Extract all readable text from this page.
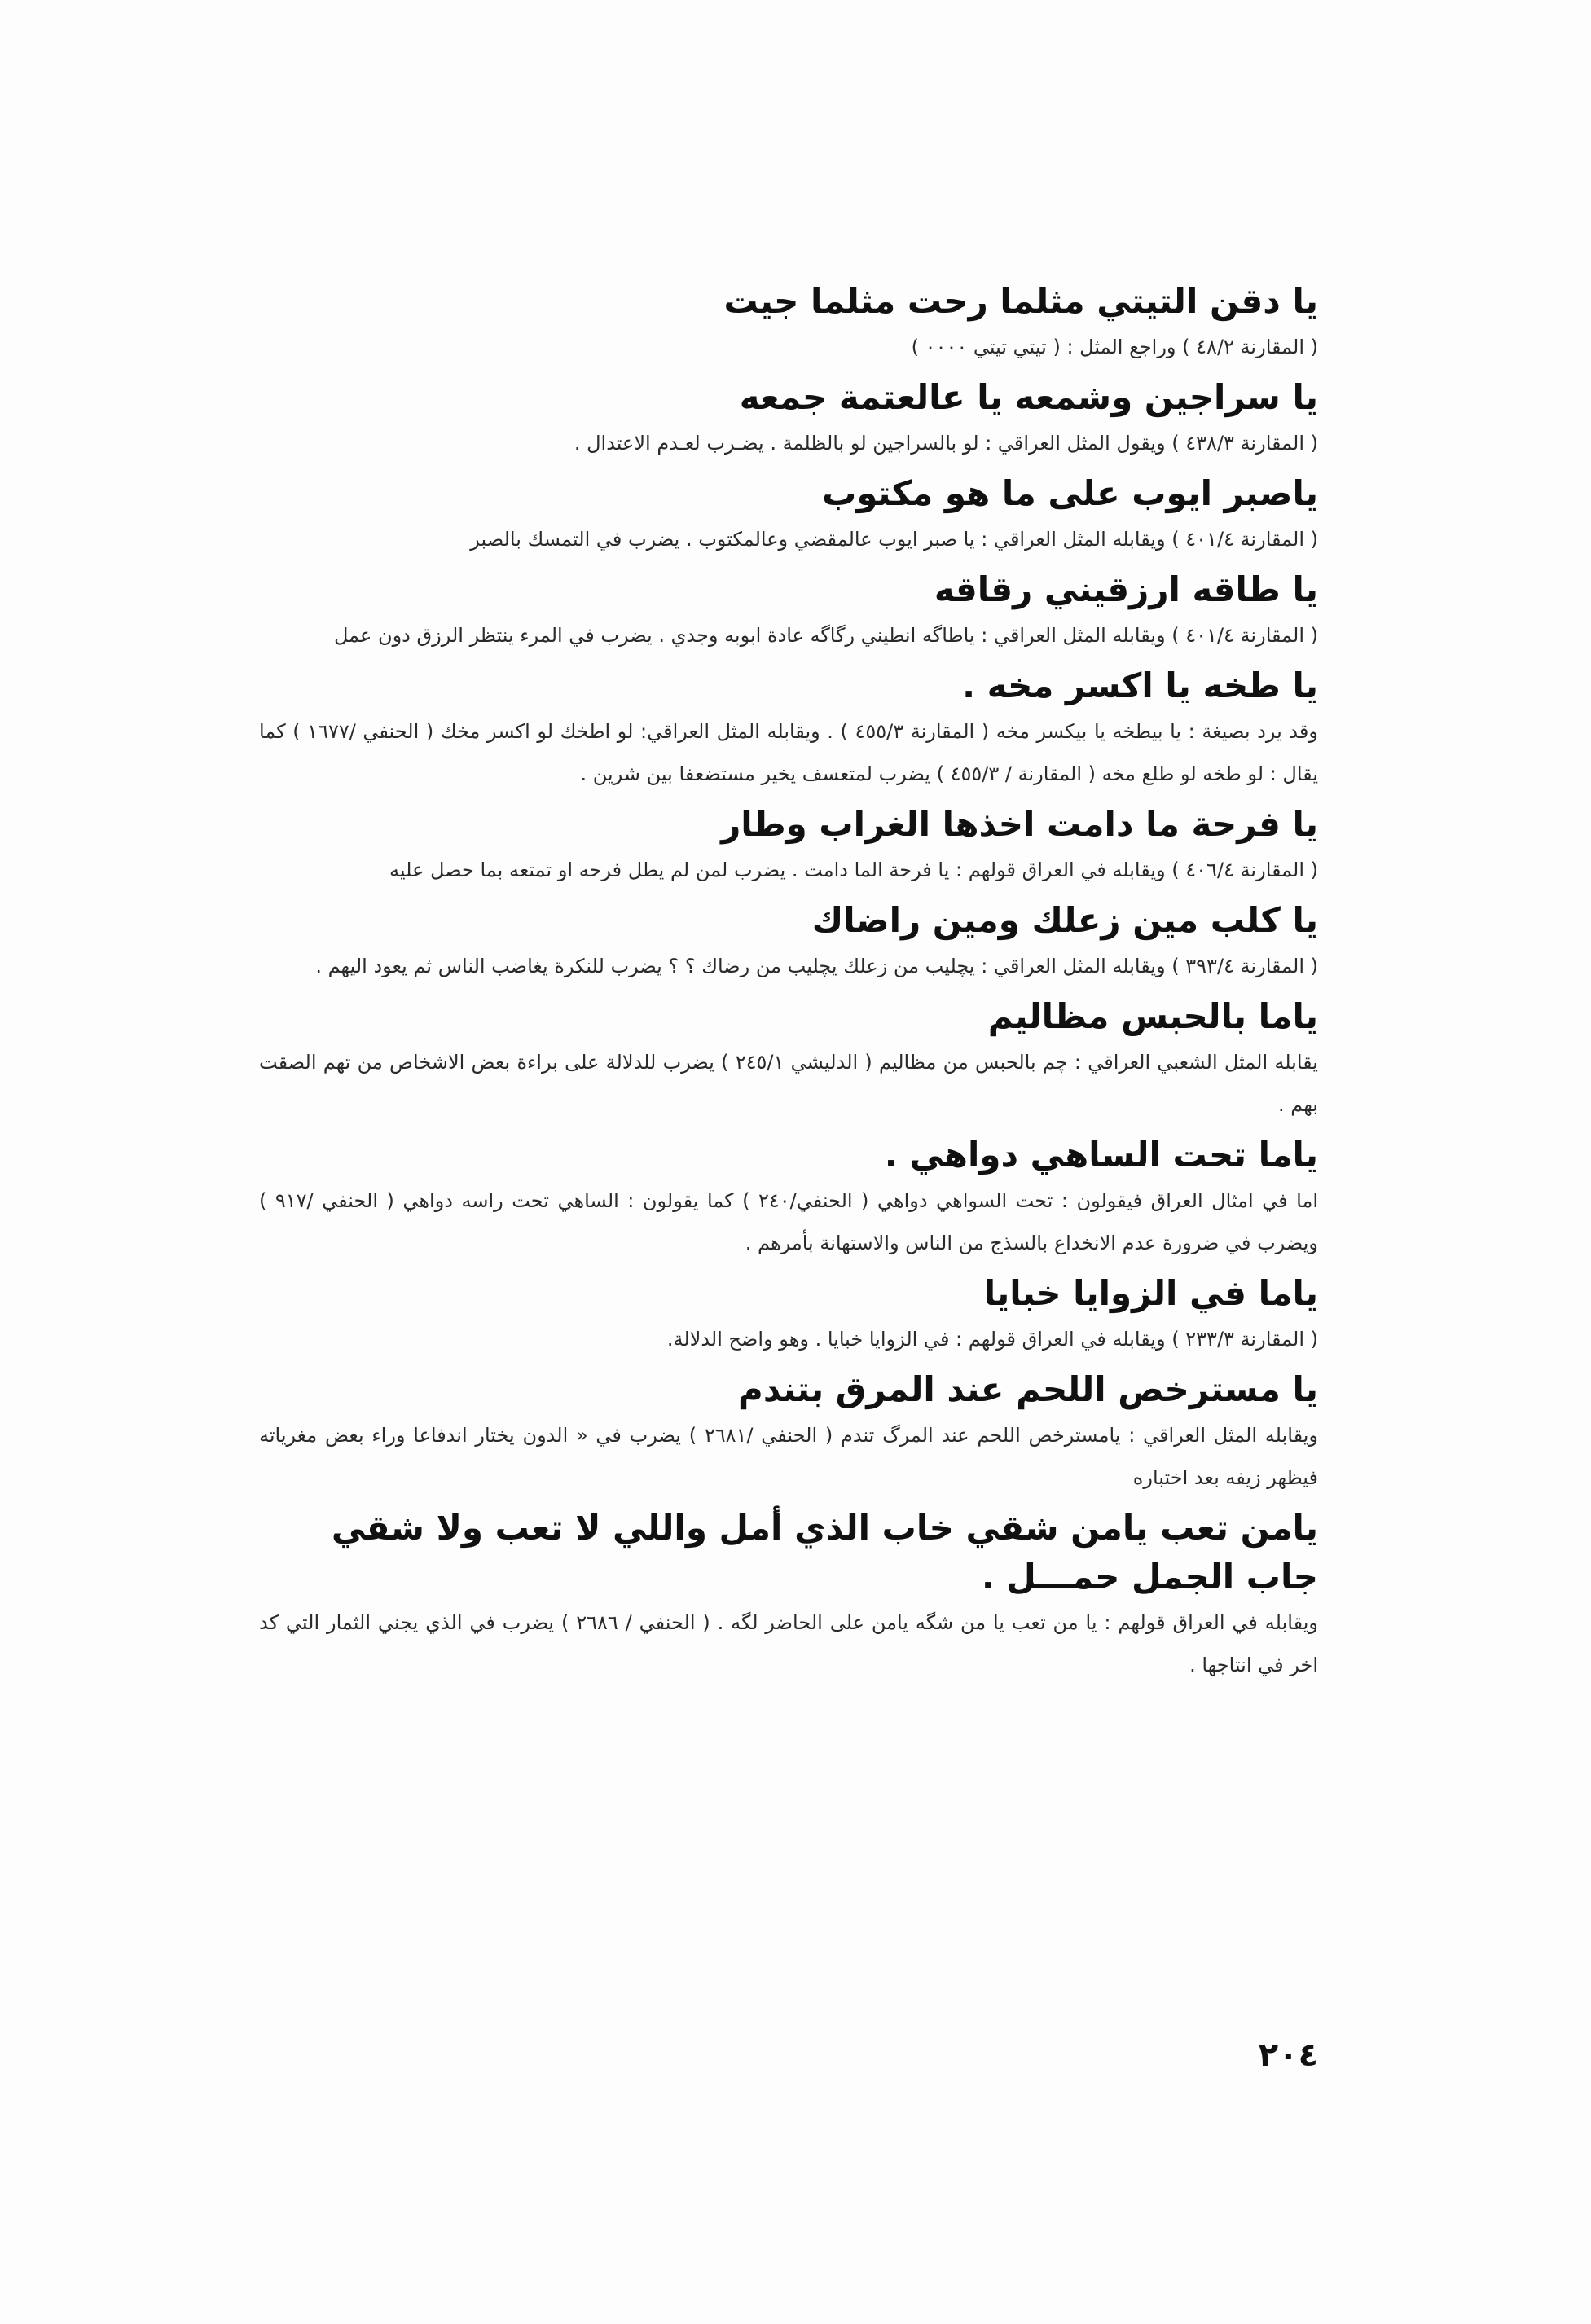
يا دقن التيتي مثلما رحت مثلما جيت

( المقارنة ٤٨/٢ ) وراجع المثل : ( تيتي تيتي ٠٠٠٠ )

يا سراجين وشمعه يا عالعتمة جمعه

( المقارنة ٤٣٨/٣ ) ويقول المثل العراقي : لو بالسراجين لو بالظلمة . يضـرب لعـدم الاعتدال .

ياصبر ايوب على ما هو مكتوب

( المقارنة ٤٠١/٤ ) ويقابله المثل العراقي : يا صبر ايوب عالمقضي وعالمكتوب . يضرب في التمسك بالصبر

يا طاقه ارزقيني رقاقه

( المقارنة ٤٠١/٤ ) ويقابله المثل العراقي : ياطاگه انطيني رگاگه عادة ابوبه وجدي . يضرب في المرء ينتظر الرزق دون عمل

يا طخه يا اكسر مخه .

وقد يرد بصيغة : يا بيطخه يا بيكسر مخه ( المقارنة ٤٥٥/٣ ) . ويقابله المثل العراقي: لو اطخك لو اكسر مخك ( الحنفي /١٦٧٧ ) كما يقال : لو طخه لو طلع مخه ( المقارنة / ٤٥٥/٣ ) يضرب لمتعسف يخير مستضعفا بين شرين .

يا فرحة ما دامت اخذها الغراب وطار

( المقارنة ٤٠٦/٤ ) ويقابله في العراق قولهم : يا فرحة الما دامت . يضرب لمن لم يطل فرحه او تمتعه بما حصل عليه

يا كلب مين زعلك ومين راضاك

( المقارنة ٣٩٣/٤ ) ويقابله المثل العراقي : يچليب من زعلك يچليب من رضاك ؟ ؟ يضرب للنكرة يغاضب الناس ثم يعود اليهم .

ياما بالحبس مظاليم

يقابله المثل الشعبي العراقي : چم بالحبس من مظاليم ( الدليشي ٢٤٥/١ ) يضرب للدلالة على براءة بعض الاشخاص من تهم الصقت بهم .

ياما تحت الساهي دواهي .

اما في امثال العراق فيقولون : تحت السواهي دواهي ( الحنفي/٢٤٠ ) كما يقولون : الساهي تحت راسه دواهي ( الحنفي /٩١٧ ) ويضرب في ضرورة عدم الانخداع بالسذج من الناس والاستهانة بأمرهم .

ياما في الزوايا خبايا

( المقارنة ٢٣٣/٣ ) ويقابله في العراق قولهم : في الزوايا خبايا . وهو واضح الدلالة.

يا مسترخص اللحم عند المرق بتندم

ويقابله المثل العراقي : يامسترخص اللحم عند المرگ تندم ( الحنفي /٢٦٨١ ) يضرب في « الدون يختار اندفاعا وراء بعض مغرياته فيظهر زيفه بعد اختباره

يامن تعب يامن شقي خاب الذي أمل واللي لا تعب ولا شقي جاب الجمل حمـــل .

ويقابله في العراق قولهم : يا من تعب يا من شگه يامن على الحاضر لگه . ( الحنفي / ٢٦٨٦ ) يضرب في الذي يجني الثمار التي كد اخر في انتاجها .

٢٠٤
